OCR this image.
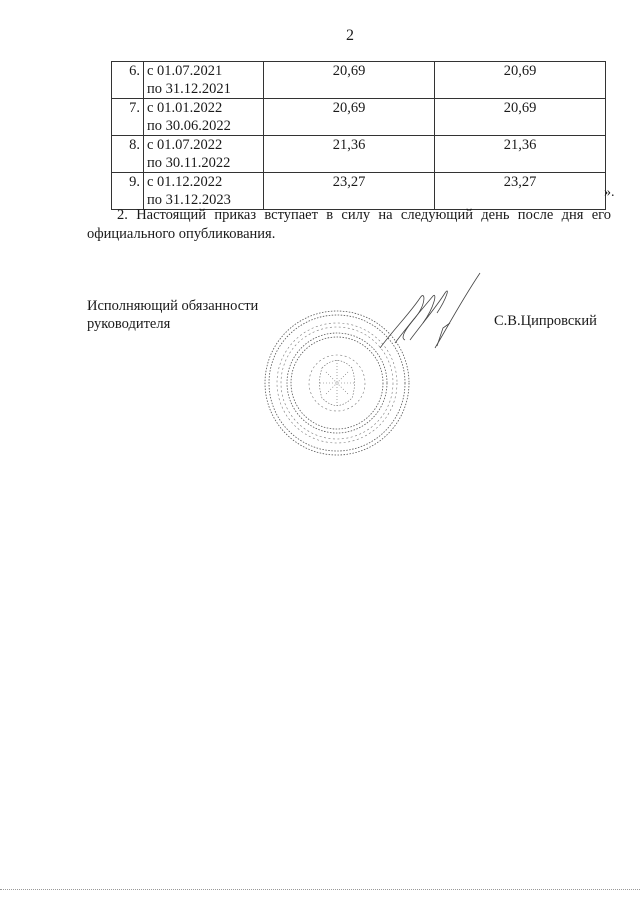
2
6.	с 01.07.2021
по 31.12.2021	20,69	20,69
7.	с 01.01.2022
по 30.06.2022	20,69	20,69
8.	с 01.07.2022
по 30.11.2022	21,36	21,36
9.	с 01.12.2022
по 31.12.2023	23,27	23,27
».
2. Настоящий приказ вступает в силу на следующий день после дня его официального опубликования.
Исполняющий обязанности
руководителя	С.В.Ципровский
